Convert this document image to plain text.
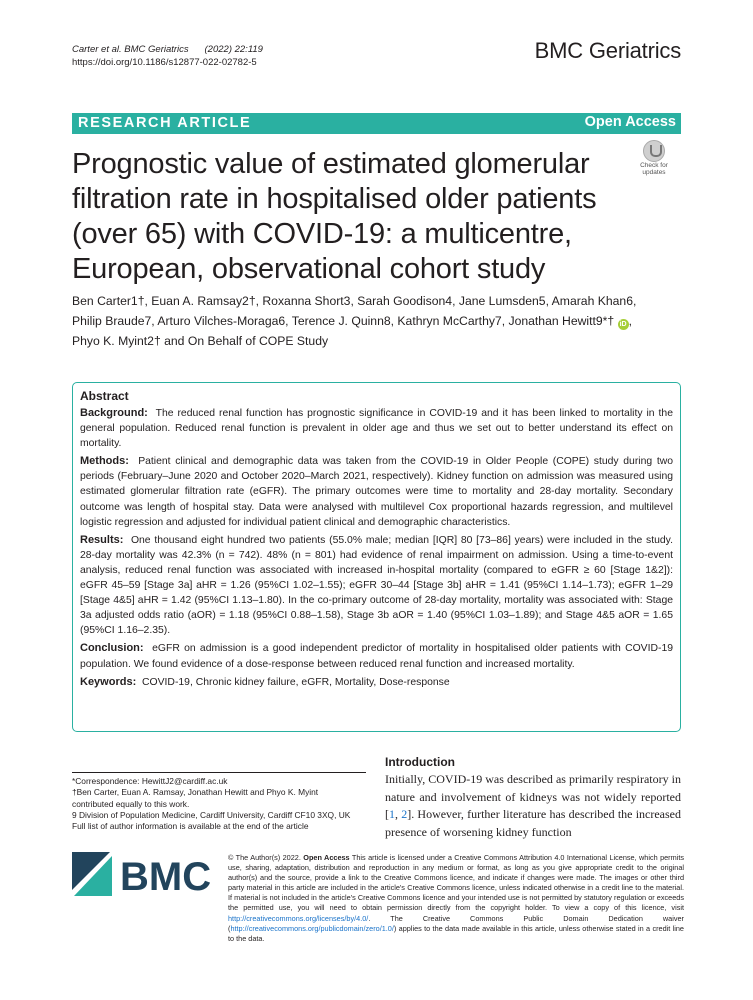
Carter et al. BMC Geriatrics (2022) 22:119
https://doi.org/10.1186/s12877-022-02782-5	BMC Geriatrics
RESEARCH ARTICLE	Open Access
Check for
updates
Prognostic value of estimated glomerular filtration rate in hospitalised older patients (over 65) with COVID-19: a multicentre, European, observational cohort study
Ben Carter1†, Euan A. Ramsay2†, Roxanna Short3, Sarah Goodison4, Jane Lumsden5, Amarah Khan6,
Philip Braude7, Arturo Vilches-Moraga6, Terence J. Quinn8, Kathryn McCarthy7, Jonathan Hewitt9*† iD ,
Phyo K. Myint2† and On Behalf of COPE Study
Abstract

Background: The reduced renal function has prognostic significance in COVID-19 and it has been linked to mortality in the general population. Reduced renal function is prevalent in older age and thus we set out to better understand its effect on mortality.

Methods: Patient clinical and demographic data was taken from the COVID-19 in Older People (COPE) study during two periods (February–June 2020 and October 2020–March 2021, respectively). Kidney function on admission was measured using estimated glomerular filtration rate (eGFR). The primary outcomes were time to mortality and 28-day mortality. Secondary outcome was length of hospital stay. Data were analysed with multilevel Cox proportional hazards regression, and multilevel logistic regression and adjusted for individual patient clinical and demographic characteristics.

Results: One thousand eight hundred two patients (55.0% male; median [IQR] 80 [73–86] years) were included in the study. 28-day mortality was 42.3% (n = 742). 48% (n = 801) had evidence of renal impairment on admission. Using a time-to-event analysis, reduced renal function was associated with increased in-hospital mortality (compared to eGFR ≥ 60 [Stage 1&2]): eGFR 45–59 [Stage 3a] aHR = 1.26 (95%CI 1.02–1.55); eGFR 30–44 [Stage 3b] aHR = 1.41 (95%CI 1.14–1.73); eGFR 1–29 [Stage 4&5] aHR = 1.42 (95%CI 1.13–1.80). In the co-primary outcome of 28-day mortality, mortality was associated with: Stage 3a adjusted odds ratio (aOR) = 1.18 (95%CI 0.88–1.58), Stage 3b aOR = 1.40 (95%CI 1.03–1.89); and Stage 4&5 aOR = 1.65 (95%CI 1.16–2.35).

Conclusion: eGFR on admission is a good independent predictor of mortality in hospitalised older patients with COVID-19 population. We found evidence of a dose-response between reduced renal function and increased mortality.

Keywords: COVID-19, Chronic kidney failure, eGFR, Mortality, Dose-response

*Correspondence: HewittJ2@cardiff.ac.uk
†Ben Carter, Euan A. Ramsay, Jonathan Hewitt and Phyo K. Myint
contributed equally to this work.
9 Division of Population Medicine, Cardiff University, Cardiff CF10 3XQ, UK
Full list of author information is available at the end of the article
Introduction
Initially, COVID-19 was described as primarily respiratory in nature and involvement of kidneys was not widely reported [1, 2]. However, further literature has described the increased presence of worsening kidney function
BMC © The Author(s) 2022. Open Access This article is licensed under a Creative Commons Attribution 4.0 International License, which permits use, sharing, adaptation, distribution and reproduction in any medium or format, as long as you give appropriate credit to the original author(s) and the source, provide a link to the Creative Commons licence, and indicate if changes were made. The images or other third party material in this article are included in the article's Creative Commons licence, unless indicated otherwise in a credit line to the material. If material is not included in the article's Creative Commons licence and your intended use is not permitted by statutory regulation or exceeds the permitted use, you will need to obtain permission directly from the copyright holder. To view a copy of this licence, visit http://creativecommons.org/licenses/by/4.0/. The Creative Commons Public Domain Dedication waiver (http://creativecommons.org/publicdomain/zero/1.0/) applies to the data made available in this article, unless otherwise stated in a credit line to the data.
